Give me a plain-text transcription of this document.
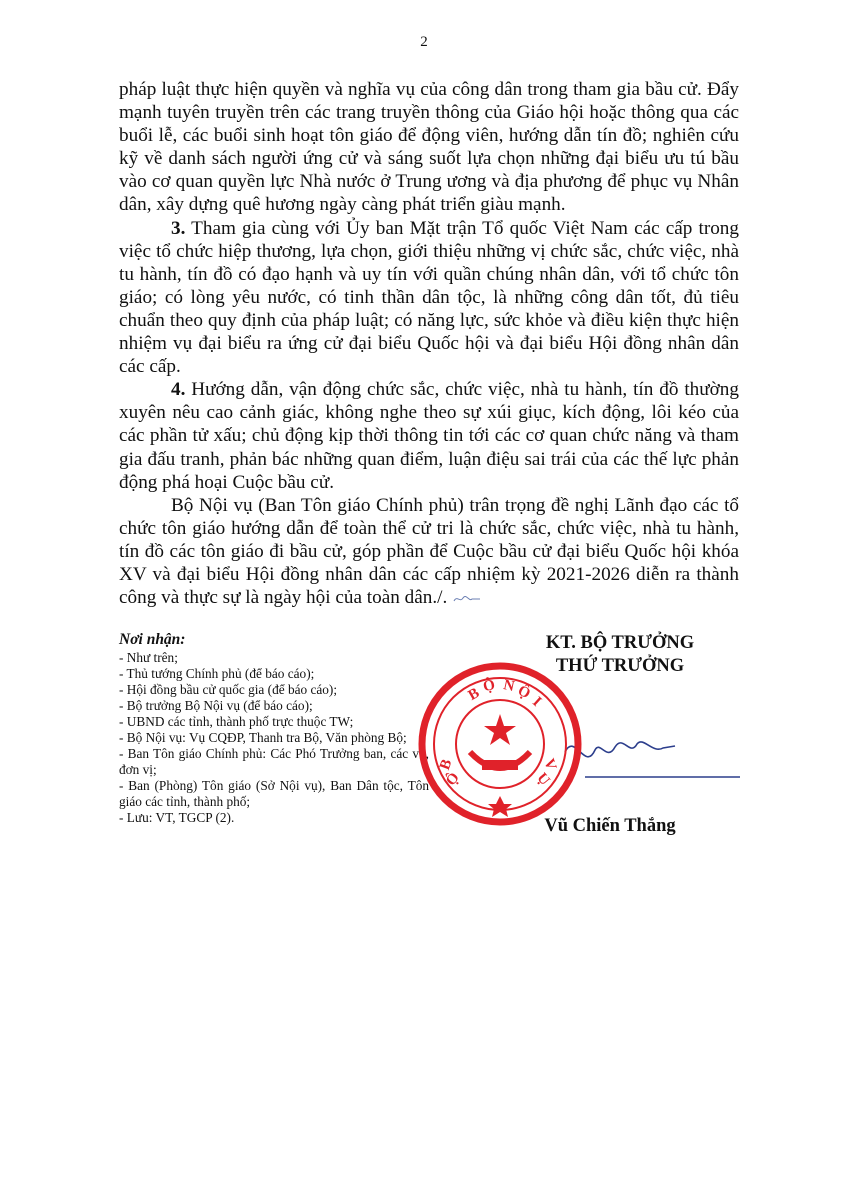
2

pháp luật thực hiện quyền và nghĩa vụ của công dân trong tham gia bầu cử. Đẩy mạnh tuyên truyền trên các trang truyền thông của Giáo hội hoặc thông qua các buổi lễ, các buổi sinh hoạt tôn giáo để động viên, hướng dẫn tín đồ; nghiên cứu kỹ về danh sách người ứng cử và sáng suốt lựa chọn những đại biểu ưu tú bầu vào cơ quan quyền lực Nhà nước ở Trung ương và địa phương để phục vụ Nhân dân, xây dựng quê hương ngày càng phát triển giàu mạnh.

3. Tham gia cùng với Ủy ban Mặt trận Tổ quốc Việt Nam các cấp trong việc tổ chức hiệp thương, lựa chọn, giới thiệu những vị chức sắc, chức việc, nhà tu hành, tín đồ có đạo hạnh và uy tín với quần chúng nhân dân, với tổ chức tôn giáo; có lòng yêu nước, có tinh thần dân tộc, là những công dân tốt, đủ tiêu chuẩn theo quy định của pháp luật; có năng lực, sức khỏe và điều kiện thực hiện nhiệm vụ đại biểu ra ứng cử đại biểu Quốc hội và đại biểu Hội đồng nhân dân các cấp.

4. Hướng dẫn, vận động chức sắc, chức việc, nhà tu hành, tín đồ thường xuyên nêu cao cảnh giác, không nghe theo sự xúi giục, kích động, lôi kéo của các phần tử xấu; chủ động kịp thời thông tin tới các cơ quan chức năng và tham gia đấu tranh, phản bác những quan điểm, luận điệu sai trái của các thế lực phản động phá hoại Cuộc bầu cử.

Bộ Nội vụ (Ban Tôn giáo Chính phủ) trân trọng đề nghị Lãnh đạo các tổ chức tôn giáo hướng dẫn để toàn thể cử tri là chức sắc, chức việc, nhà tu hành, tín đồ các tôn giáo đi bầu cử, góp phần để Cuộc bầu cử đại biểu Quốc hội khóa XV và đại biểu Hội đồng nhân dân các cấp nhiệm kỳ 2021-2026 diễn ra thành công và thực sự là ngày hội của toàn dân./.

Nơi nhận:
- Như trên;
- Thủ tướng Chính phủ (để báo cáo);
- Hội đồng bầu cử quốc gia (để báo cáo);
- Bộ trưởng Bộ Nội vụ (để báo cáo);
- UBND các tỉnh, thành phố trực thuộc TW;
- Bộ Nội vụ: Vụ CQĐP, Thanh tra Bộ, Văn phòng Bộ;
- Ban Tôn giáo Chính phủ: Các Phó Trưởng ban, các vụ, đơn vị;
- Ban (Phòng) Tôn giáo (Sở Nội vụ), Ban Dân tộc, Tôn giáo các tỉnh, thành phố;
- Lưu: VT, TGCP (2).
KT. BỘ TRƯỞNG
THỨ TRƯỞNG
B Ộ N Ộ
I
B
Ộ
V
Ụ
Vũ Chiến Thắng
